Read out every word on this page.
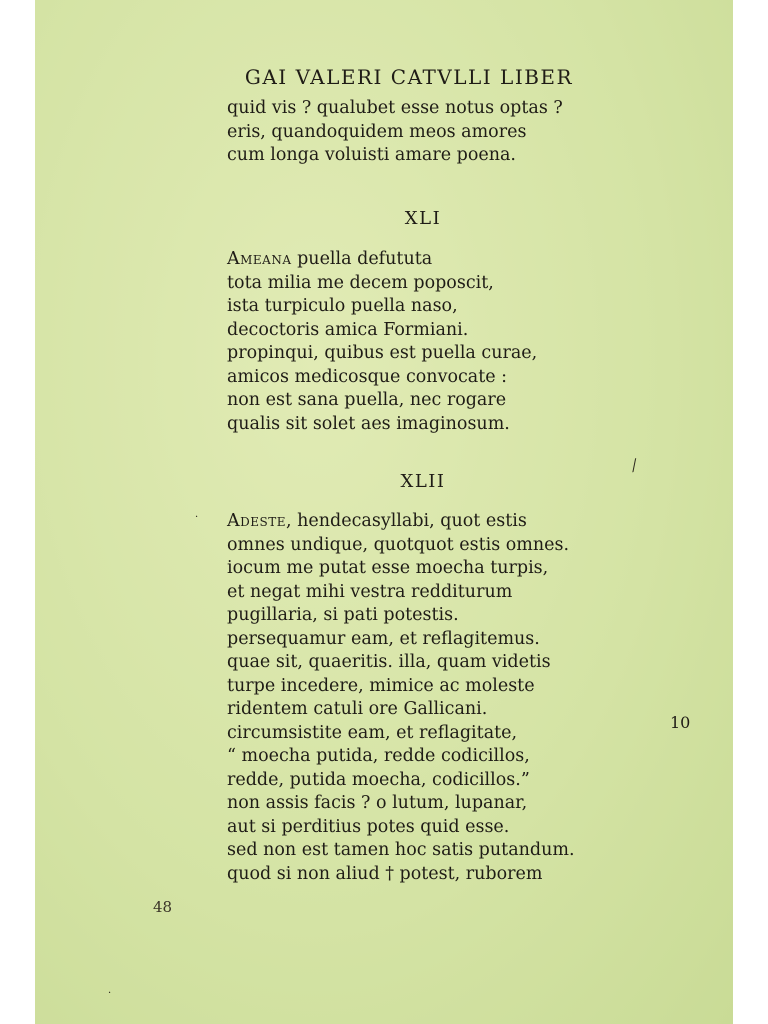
GAI VALERI CATVLLI LIBER
quid vis ? qualubet esse notus optas ?
eris, quandoquidem meos amores
cum longa voluisti amare poena.
XLI
Ameana puella defututa
tota milia me decem poposcit,
ista turpiculo puella naso,
decoctoris amica Formiani.
propinqui, quibus est puella curae,
amicos medicosque convocate :
non est sana puella, nec rogare
qualis sit solet aes imaginosum.
XLII
Adeste, hendecasyllabi, quot estis
omnes undique, quotquot estis omnes.
iocum me putat esse moecha turpis,
et negat mihi vestra redditurum
pugillaria, si pati potestis.
persequamur eam, et reflagitemus.
quae sit, quaeritis. illa, quam videtis
turpe incedere, mimice ac moleste
ridentem catuli ore Gallicani.
circumsistite eam, et reflagitate,
“ moecha putida, redde codicillos,
redde, putida moecha, codicillos.”
non assis facis ? o lutum, lupanar,
aut si perditius potes quid esse.
sed non est tamen hoc satis putandum.
quod si non aliud † potest, ruborem
10
48
⁄
·
·
